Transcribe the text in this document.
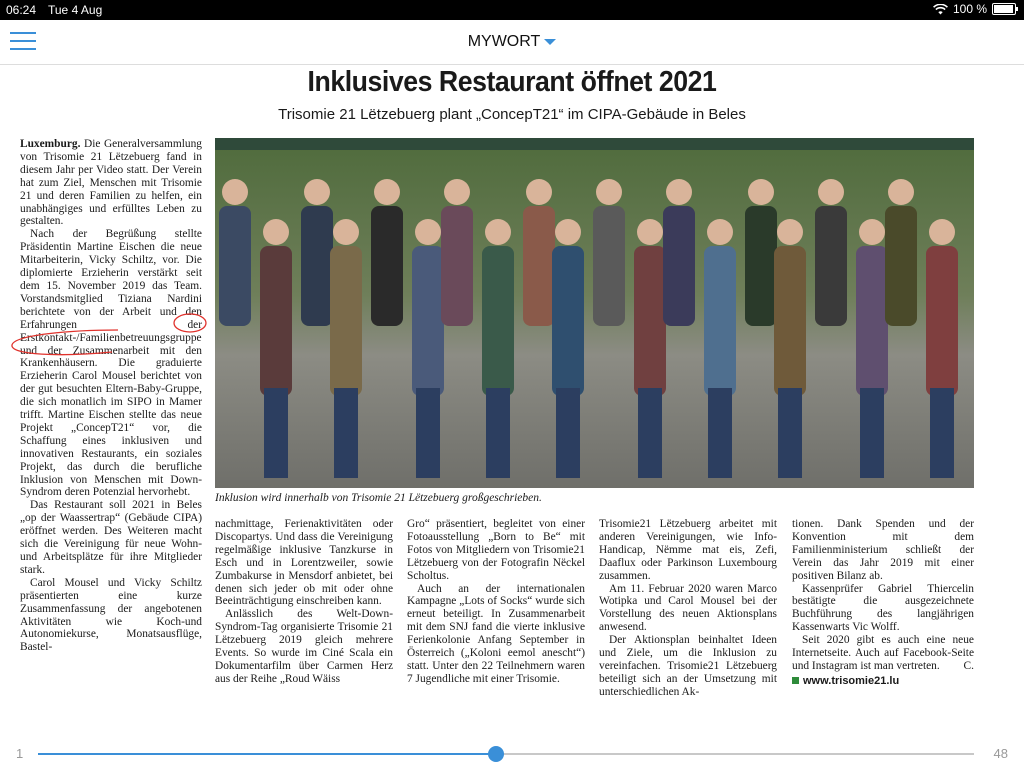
06:24 Tue 4 Aug	100 %
MYWORT
Inklusives Restaurant öffnet 2021
Trisomie 21 Lëtzebuerg plant „ConcepT21“ im CIPA-Gebäude in Beles

Luxemburg. Die Generalversammlung von Trisomie 21 Lëtzebuerg fand in diesem Jahr per Video statt. Der Verein hat zum Ziel, Menschen mit Trisomie 21 und deren Familien zu helfen, ein unabhängiges und erfülltes Leben zu gestalten.

Nach der Begrüßung stellte Präsidentin Martine Eischen die neue Mitarbeiterin, Vicky Schiltz, vor. Die diplomierte Erzieherin verstärkt seit dem 15. November 2019 das Team. Vorstandsmitglied Tiziana Nardini berichtete von der Arbeit und den Erfahrungen der Erstkontakt-/Familienbetreuungsgruppe und der Zusammenarbeit mit den Krankenhäusern. Die graduierte Erzieherin Carol Mousel berichtet von der gut besuchten Eltern-Baby-Gruppe, die sich monatlich im SIPO in Mamer trifft. Martine Eischen stellte das neue Projekt „ConcepT21“ vor, die Schaffung eines inklusiven und innovativen Restaurants, ein soziales Projekt, das durch die berufliche Inklusion von Menschen mit Down-Syndrom deren Potenzial hervorhebt.

Das Restaurant soll 2021 in Beles „op der Waassertrap“ (Gebäude CIPA) eröffnet werden. Des Weiteren macht sich die Vereinigung für neue Wohn- und Arbeitsplätze für ihre Mitglieder stark.

Carol Mousel und Vicky Schiltz präsentierten eine kurze Zusammenfassung der angebotenen Aktivitäten wie Koch-und Autonomiekurse, Monatsausflüge, Bastel-

Inklusion wird innerhalb von Trisomie 21 Lëtzebuerg großgeschrieben.

nachmittage, Ferienaktivitäten oder Discopartys. Und dass die Vereinigung regelmäßige inklusive Tanzkurse in Esch und in Lorentzweiler, sowie Zumbakurse in Mensdorf anbietet, bei denen sich jeder ob mit oder ohne Beeinträchtigung einschreiben kann.

Anlässlich des Welt-Down-Syndrom-Tag organisierte Trisomie 21 Lëtzebuerg 2019 gleich mehrere Events. So wurde im Ciné Scala ein Dokumentarfilm über Carmen Herz aus der Reihe „Roud Wäiss

Gro“ präsentiert, begleitet von einer Fotoausstellung „Born to Be“ mit Fotos von Mitgliedern von Trisomie21 Lëtzebuerg von der Fotografin Nëckel Scholtus.

Auch an der internationalen Kampagne „Lots of Socks“ wurde sich erneut beteiligt. In Zusammenarbeit mit dem SNJ fand die vierte inklusive Ferienkolonie Anfang September in Österreich („Koloni eemol anescht“) statt. Unter den 22 Teilnehmern waren 7 Jugendliche mit einer Trisomie.

Trisomie21 Lëtzebuerg arbeitet mit anderen Vereinigungen, wie Info-Handicap, Nëmme mat eis, Zefi, Daaflux oder Parkinson Luxembourg zusammen.

Am 11. Februar 2020 waren Marco Wotipka und Carol Mousel bei der Vorstellung des neuen Aktionsplans anwesend.

Der Aktionsplan beinhaltet Ideen und Ziele, um die Inklusion zu vereinfachen. Trisomie21 Lëtzebuerg beteiligt sich an der Umsetzung mit unterschiedlichen Ak-

tionen. Dank Spenden und der Konvention mit dem Familienministerium schließt der Verein das Jahr 2019 mit einer positiven Bilanz ab.

Kassenprüfer Gabriel Thiercelin bestätigte die ausgezeichnete Buchführung des langjährigen Kassenwarts Vic Wolff.

Seit 2020 gibt es auch eine neue Internetseite. Auch auf Facebook-Seite und Instagram ist man vertreten.	C.

www.trisomie21.lu
1	48
